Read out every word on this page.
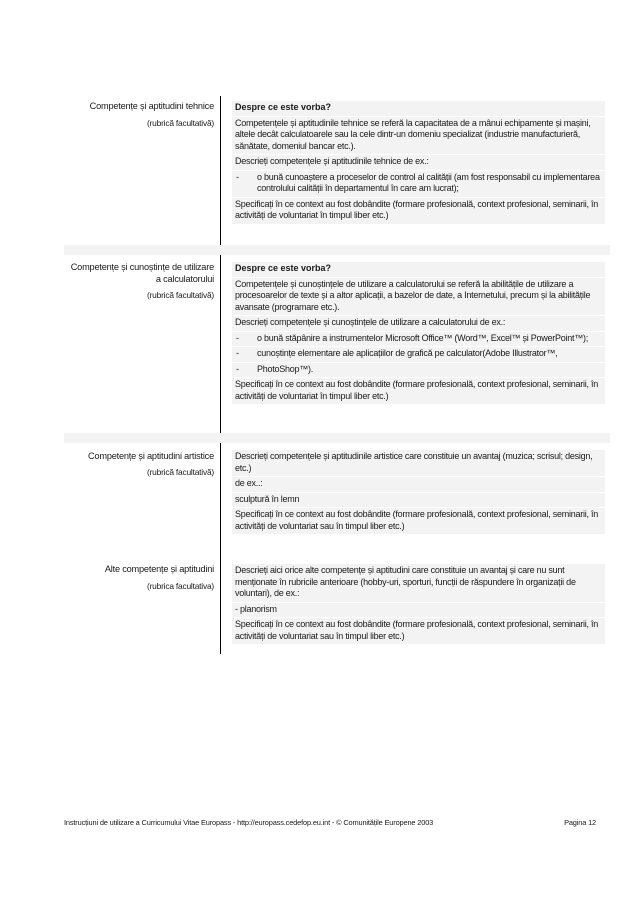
Competențe și aptitudini tehnice
(rubrică facultativă)
Despre ce este vorba?
Competențele și aptitudinile tehnice se referă la capacitatea de a mânui echipamente și mașini, altele decât calculatoarele sau la cele dintr-un domeniu specializat (industrie manufacturieră, sănătate, domeniul bancar etc.).
Descrieți competențele și aptitudinile tehnice de ex.:
-	o bună cunoaștere a proceselor de control al calității (am fost responsabil cu implementarea controlului calității în departamentul în care am lucrat);
Specificați în ce context au fost dobândite (formare profesională, context profesional, seminarii, în activități de voluntariat în timpul liber etc.)
Competențe și cunoștințe de utilizare a calculatorului
(rubrică facultativă)
Despre ce este vorba?
Competențele și cunoștințele de utilizare a calculatorului se referă la abilitățile de utilizare a procesoarelor de texte și a altor aplicații, a bazelor de date, a Internetului, precum și la abilitățile avansate (programare etc.).
Descrieți competențele și cunoștințele de utilizare a calculatorului de ex.:
-	o bună stăpânire a instrumentelor Microsoft Office™ (Word™, Excel™ și PowerPoint™);
-	cunoștințe elementare ale aplicațiilor de grafică pe calculator(Adobe Illustrator™,
-	PhotoShop™).
Specificați în ce context au fost dobândite (formare profesională, context profesional, seminarii, în activități de voluntariat în timpul liber etc.)
Competențe și aptitudini artistice
(rubrică facultativă)
Descrieți competențele și aptitudinile artistice care constituie un avantaj (muzica; scrisul; design, etc.)
de ex..:
sculptură în lemn
Specificați în ce context au fost dobândite (formare profesională, context profesional, seminarii, în activități de voluntariat sau în timpul liber etc.)
Alte competențe și aptitudini
(rubrica facultativa)
Descrieți aici orice alte competențe și aptitudini care constituie un avantaj și care nu sunt menționate în rubricile anterioare (hobby-uri, sporturi, funcții de răspundere în organizații de voluntari), de ex.:
- planorism
Specificați în ce context au fost dobândite (formare profesională, context profesional, seminarii, în activități de voluntariat sau în timpul liber etc.)
Instrucțiuni de utilizare a Curricumului Vitae Europass - http://europass.cedefop.eu.int - © Comunitățile Europene 2003	Pagina 12
